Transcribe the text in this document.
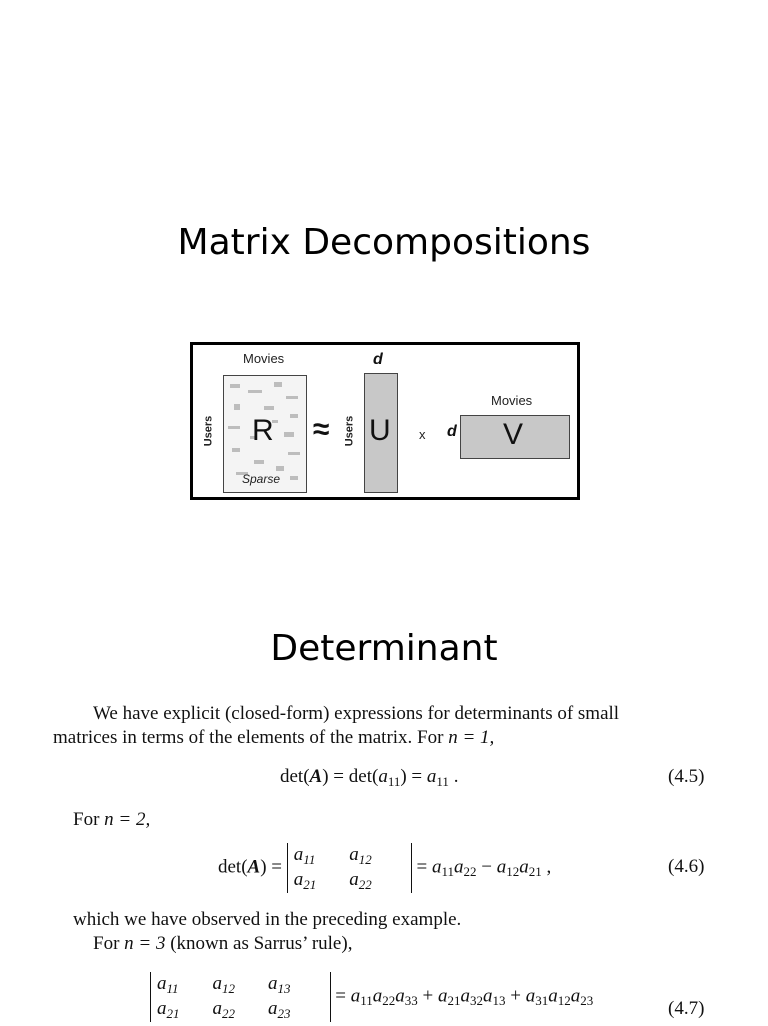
Matrix Decompositions
Movies
Users R
Sparse
≈ Users
d
U x d
Movies
V
Determinant

We have explicit (closed-form) expressions for determinants of small
matrices in terms of the elements of the matrix. For n = 1,

$\det(A) = \det(a_{11}) = a_{11}$ .	(4.5)

For n = 2,

det(A) =
a11 a12
a21 a22
= $a_{11}a_{22} - a_{12}a_{21}$ ,	(4.6)

which we have observed in the preceding example.
For n = 3 (known as Sarrus’ rule),

a11 a12 a13
a21 a22 a23
= $a_{11}a_{22}a_{33} + a_{21}a_{32}a_{13} + a_{31}a_{12}a_{23}$	(4.7)
